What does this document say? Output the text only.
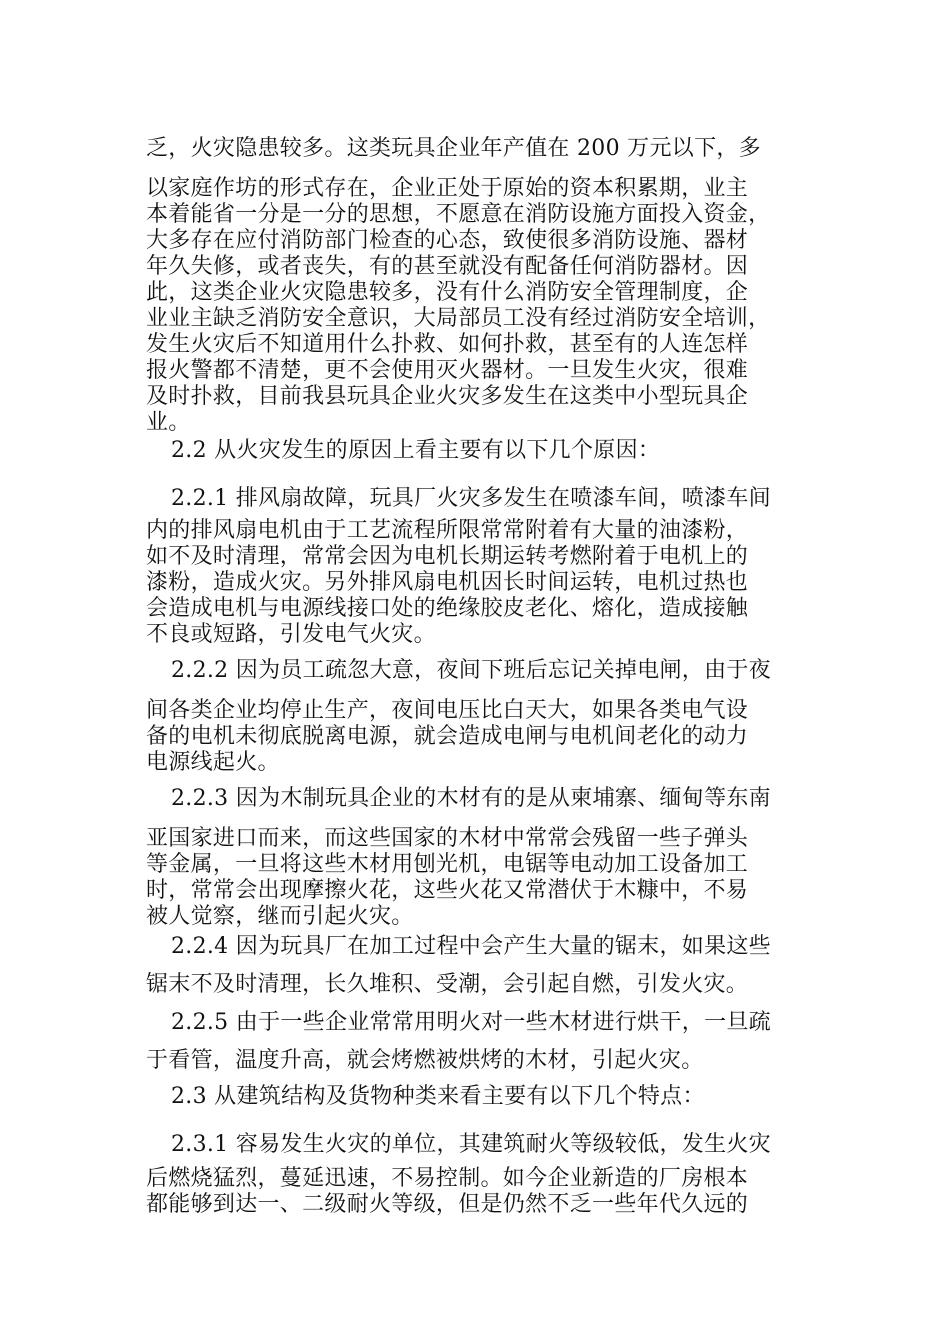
乏，火灾隐患较多。这类玩具企业年产值在 200 万元以下，多
以家庭作坊的形式存在，企业正处于原始的资本积累期，业主
本着能省一分是一分的思想，不愿意在消防设施方面投入资金，
大多存在应付消防部门检查的心态，致使很多消防设施、器材
年久失修，或者丧失，有的甚至就没有配备任何消防器材。因
此，这类企业火灾隐患较多，没有什么消防安全管理制度，企
业业主缺乏消防安全意识，大局部员工没有经过消防安全培训，
发生火灾后不知道用什么扑救、如何扑救，甚至有的人连怎样
报火警都不清楚，更不会使用灭火器材。一旦发生火灾，很难
及时扑救，目前我县玩具企业火灾多发生在这类中小型玩具企
业。
2.2 从火灾发生的原因上看主要有以下几个原因：
2.2.1 排风扇故障，玩具厂火灾多发生在喷漆车间，喷漆车间
内的排风扇电机由于工艺流程所限常常附着有大量的油漆粉，
如不及时清理，常常会因为电机长期运转考燃附着于电机上的
漆粉，造成火灾。另外排风扇电机因长时间运转，电机过热也
会造成电机与电源线接口处的绝缘胶皮老化、熔化，造成接触
不良或短路，引发电气火灾。
2.2.2 因为员工疏忽大意，夜间下班后忘记关掉电闸，由于夜
间各类企业均停止生产，夜间电压比白天大，如果各类电气设
备的电机未彻底脱离电源，就会造成电闸与电机间老化的动力
电源线起火。
2.2.3 因为木制玩具企业的木材有的是从柬埔寨、缅甸等东南
亚国家进口而来，而这些国家的木材中常常会残留一些子弹头
等金属，一旦将这些木材用刨光机，电锯等电动加工设备加工
时，常常会出现摩擦火花，这些火花又常潜伏于木糠中，不易
被人觉察，继而引起火灾。
2.2.4 因为玩具厂在加工过程中会产生大量的锯末，如果这些
锯末不及时清理，长久堆积、受潮，会引起自燃，引发火灾。
2.2.5 由于一些企业常常用明火对一些木材进行烘干，一旦疏
于看管，温度升高，就会烤燃被烘烤的木材，引起火灾。
2.3 从建筑结构及货物种类来看主要有以下几个特点：
2.3.1 容易发生火灾的单位，其建筑耐火等级较低，发生火灾
后燃烧猛烈，蔓延迅速，不易控制。如今企业新造的厂房根本
都能够到达一、二级耐火等级，但是仍然不乏一些年代久远的
